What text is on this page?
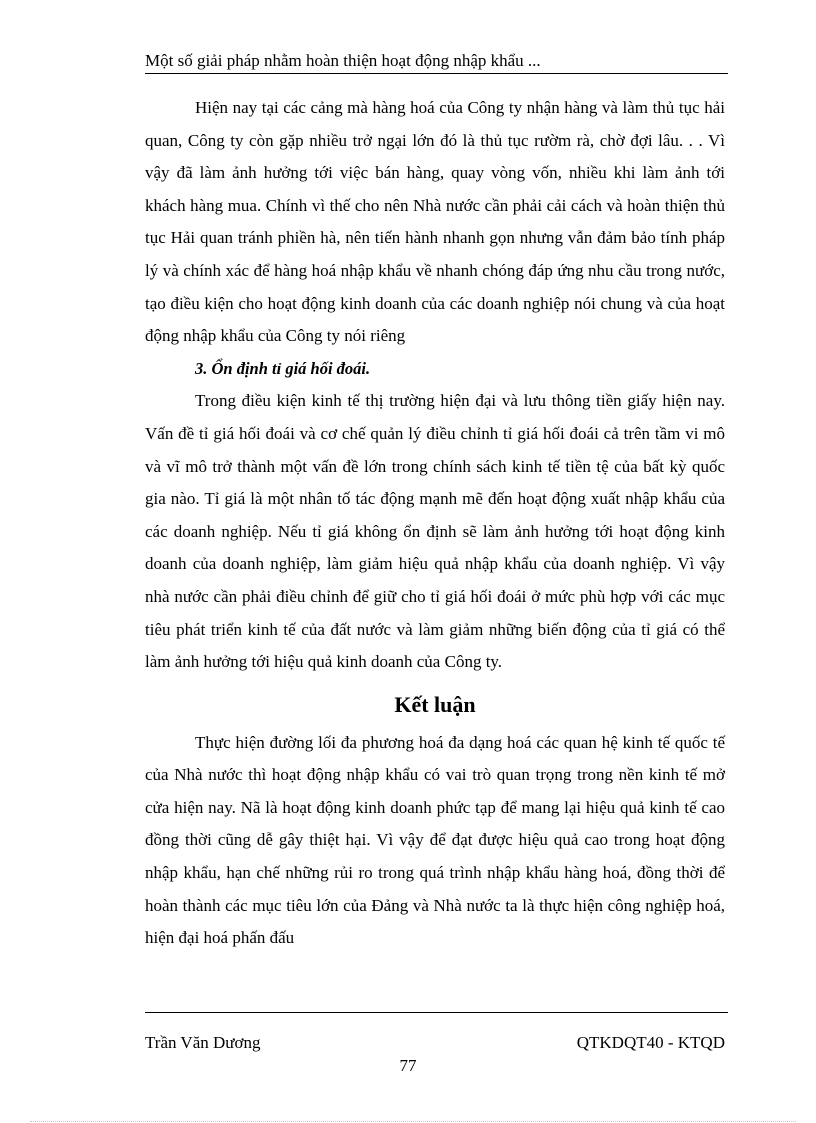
Một số giải pháp nhằm hoàn thiện hoạt động nhập khẩu ...

Hiện nay tại các cảng mà hàng hoá của Công ty nhận hàng và làm thủ tục hải quan, Công ty còn gặp nhiều trở ngại lớn đó là thủ tục rườm rà, chờ đợi lâu. . . Vì vậy đã làm ảnh hưởng tới việc bán hàng, quay vòng vốn, nhiều khi làm ảnh tới khách hàng mua. Chính vì thế cho nên Nhà nước cần phải cải cách và hoàn thiện thủ tục Hải quan tránh phiền hà, nên tiến hành nhanh gọn nhưng vẫn đảm bảo tính pháp lý và chính xác để hàng hoá nhập khẩu về nhanh chóng đáp ứng nhu cầu trong nước, tạo điều kiện cho hoạt động kinh doanh của các doanh nghiệp nói chung và của hoạt động nhập khẩu của Công ty nói riêng

3. Ổn định tỉ giá hối đoái.

Trong điều kiện kinh tế thị trường hiện đại và lưu thông tiền giấy hiện nay. Vấn đề tỉ giá hối đoái và cơ chế quản lý điều chỉnh tỉ giá hối đoái cả trên tầm vi mô và vĩ mô trở thành một vấn đề lớn trong chính sách kinh tế tiền tệ của bất kỳ quốc gia nào. Tỉ giá là một nhân tố tác động mạnh mẽ đến hoạt động xuất nhập khẩu của các doanh nghiệp. Nếu tỉ giá không ổn định sẽ làm ảnh hưởng tới hoạt động kinh doanh của doanh nghiệp, làm giảm hiệu quả nhập khẩu của doanh nghiệp. Vì vậy nhà nước cần phải điều chỉnh để giữ cho tỉ giá hối đoái ở mức phù hợp với các mục tiêu phát triển kinh tế của đất nước và làm giảm những biến động của tỉ giá có thể làm ảnh hưởng tới hiệu quả kinh doanh của Công ty.

Kết luận

Thực hiện đường lối đa phương hoá đa dạng hoá các quan hệ kinh tế quốc tế của Nhà nước thì hoạt động nhập khẩu có vai trò quan trọng trong nền kinh tế mở cửa hiện nay. Nã là hoạt động kinh doanh phức tạp để mang lại hiệu quả kinh tế cao đồng thời cũng dễ gây thiệt hại. Vì vậy để đạt được hiệu quả cao trong hoạt động nhập khẩu, hạn chế những rủi ro trong quá trình nhập khẩu hàng hoá, đồng thời để hoàn thành các mục tiêu lớn của Đảng và Nhà nước ta là thực hiện công nghiệp hoá, hiện đại hoá phấn đấu

Trần Văn Dương	QTKDQT40 - KTQD
77
